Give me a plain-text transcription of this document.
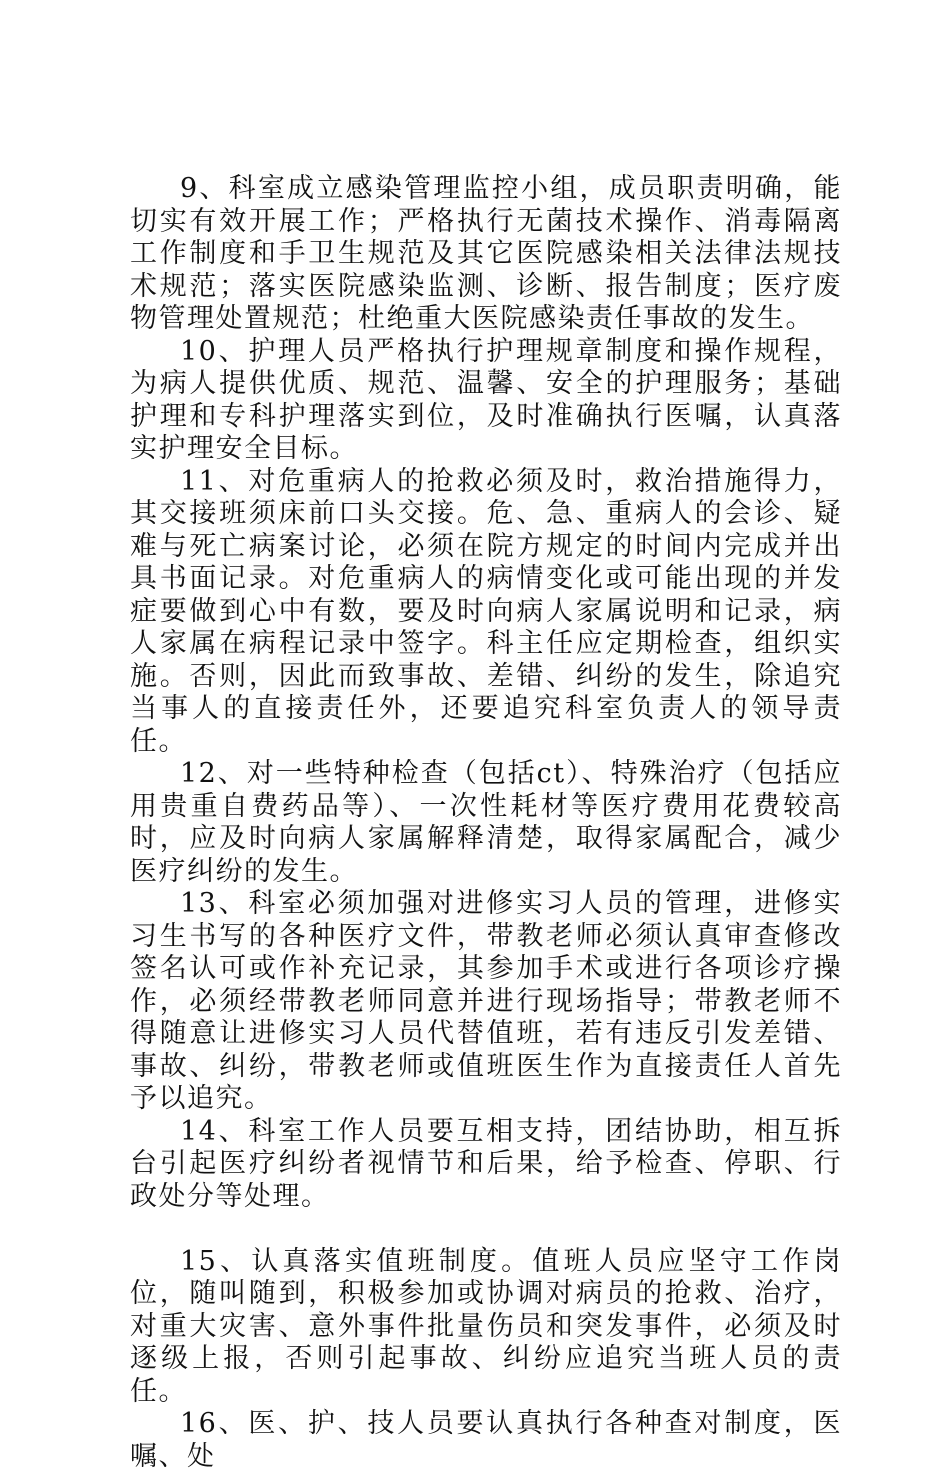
9、科室成立感染管理监控小组，成员职责明确，能切实有效开展工作；严格执行无菌技术操作、消毒隔离工作制度和手卫生规范及其它医院感染相关法律法规技术规范；落实医院感染监测、诊断、报告制度；医疗废物管理处置规范；杜绝重大医院感染责任事故的发生。

10、护理人员严格执行护理规章制度和操作规程，为病人提供优质、规范、温馨、安全的护理服务；基础护理和专科护理落实到位，及时准确执行医嘱，认真落实护理安全目标。

11、对危重病人的抢救必须及时，救治措施得力，其交接班须床前口头交接。危、急、重病人的会诊、疑难与死亡病案讨论，必须在院方规定的时间内完成并出具书面记录。对危重病人的病情变化或可能出现的并发症要做到心中有数，要及时向病人家属说明和记录，病人家属在病程记录中签字。科主任应定期检查，组织实施。否则，因此而致事故、差错、纠纷的发生，除追究当事人的直接责任外，还要追究科室负责人的领导责任。

12、对一些特种检查（包括ct）、特殊治疗（包括应用贵重自费药品等）、一次性耗材等医疗费用花费较高时，应及时向病人家属解释清楚，取得家属配合，减少医疗纠纷的发生。

13、科室必须加强对进修实习人员的管理，进修实习生书写的各种医疗文件，带教老师必须认真审查修改签名认可或作补充记录，其参加手术或进行各项诊疗操作，必须经带教老师同意并进行现场指导；带教老师不得随意让进修实习人员代替值班，若有违反引发差错、事故、纠纷，带教老师或值班医生作为直接责任人首先予以追究。

14、科室工作人员要互相支持，团结协助，相互拆台引起医疗纠纷者视情节和后果，给予检查、停职、行政处分等处理。

15、认真落实值班制度。值班人员应坚守工作岗位，随叫随到，积极参加或协调对病员的抢救、治疗，对重大灾害、意外事件批量伤员和突发事件，必须及时逐级上报，否则引起事故、纠纷应追究当班人员的责任。

16、医、护、技人员要认真执行各种查对制度，医嘱、处
